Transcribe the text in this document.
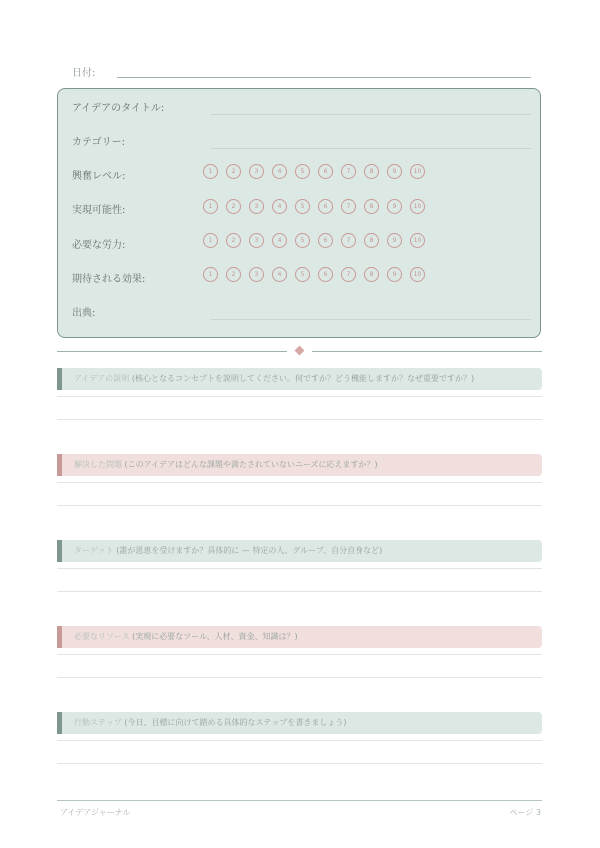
日付:
アイデアのタイトル:
カテゴリー:
興奮レベル:	1	2	3	4	5	6	7	8	9	10
実現可能性:	1	2	3	4	5	6	7	8	9	10
必要な労力:	1	2	3	4	5	6	7	8	9	10
期待される効果:	1	2	3	4	5	6	7	8	9	10
出典:
アイデアの説明 (核心となるコンセプトを説明してください。何ですか？どう機能しますか？なぜ重要ですか？)
解決した問題 (このアイデアはどんな課題や満たされていないニーズに応えますか？)
ターゲット (誰が恩恵を受けますか？具体的に — 特定の人、グループ、自分自身など)
必要なリソース (実現に必要なツール、人材、資金、知識は？)
行動ステップ (今日、目標に向けて踏める具体的なステップを書きましょう)
アイデアジャーナル	ページ 3
